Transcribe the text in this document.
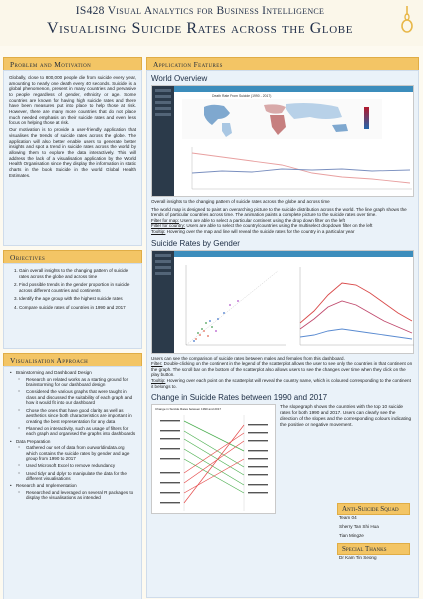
IS428 Visual Analytics for Business Intelligence
Visualising Suicide Rates across the Globe
Problem and Motivation

Globally, close to 800,000 people die from suicide every year, amounting to nearly one death every 40 seconds. Suicide is a global phenomenon, present in many countries and pervasive to people regardless of gender, ethnicity or age. Some countries are known for having high suicide rates and there have been measures put into place to help those at risk. However, there are many more countries that do not place much needed emphasis on their suicide rates and even less focus on helping those at risk.

Our motivation is to provide a user-friendly application that visualises the trends of suicide rates across the globe. The application will also better enable users to generate better insights and spot a trend in suicide rates across the world by allowing them to explore the data interactively. This will address the lack of a visualisation application by the World Health Organisation since they display the information in static charts in the book Suicide in the world Global Health Estimates.

Objectives
1. Gain overall insights to the changing pattern of suicide rates across the globe and across time
2. Find possible trends in the gender proportion in suicide across different countries and continents
3. Identify the age group with the highest suicide rates
4. Compare suicide rates of countries in 1990 and 2017
Visualisation Approach
• Brainstorming and Dashboard Design
○ Research on related works as a starting ground for brainstorming for our dashboard design
○ Considered the various graphs that were taught in class and discussed the suitability of each graph and how it would fit into our dashboard
○ Chose the ones that have good clarity as well as aesthetics since both characteristics are important in creating the best representation for any data
○ Planned on interactivity, such as usage of filters for each graph and organised the graphs into dashboards
• Data Preparation
○ Gathered our set of data from ourworldindata.org which contains the suicide rates by gender and age group from 1990 to 2017
○ Used Microsoft Excel to remove redundancy
○ Used tidyr and dplyr to manipulate the data for the different visualisations
• Research and Implementation
○ Researched and leveraged on several R packages to display the visualisations as intended
Application Features
World Overview
Death Rate From Suicide (1990 - 2017)
Overall insights to the changing pattern of suicide rates across the globe and across time
The world map is designed to paint an overarching picture to the suicide distribution across the world. The line graph shows the trends of particular countries across time. The animation paints a complete picture to the suicide rates over time.
Filter for map: Users are able to select a particular continent using the drop down filter on the left
Filter for country: Users are able to select the country/countries using the multiselect dropdown filter on the left
Tooltip: Hovering over the map and line will reveal the suicide rates for the country in a particular year
Suicide Rates by Gender
Users can see the comparison of suicide rates between males and females from this dashboard.
Filter: Double-clicking on the continent in the legend of the scatterplot allows the user to see only the countries in that continent on the graph. The scroll bar on the bottom of the scatterplot also allows users to see the changes over time when they click on the play button.
Tooltip: Hovering over each point on the scatterplot will reveal the country name, which is coloured corresponding to the continent it belongs to.
Change in Suicide Rates between 1990 and 2017
Change in Suicide Rates between 1990 and 2017	The slopegraph shows the countries with the top 10 suicide rates for both 1990 and 2017. Users can clearly see the direction of the slopes and the corresponding colours indicating the positive or negative movement.
Anti-Suicide Squad
Team 04
Sherry Tan Shi Hua
Tian Mingze
Special Thanks
Dr Kam Tin Seong
